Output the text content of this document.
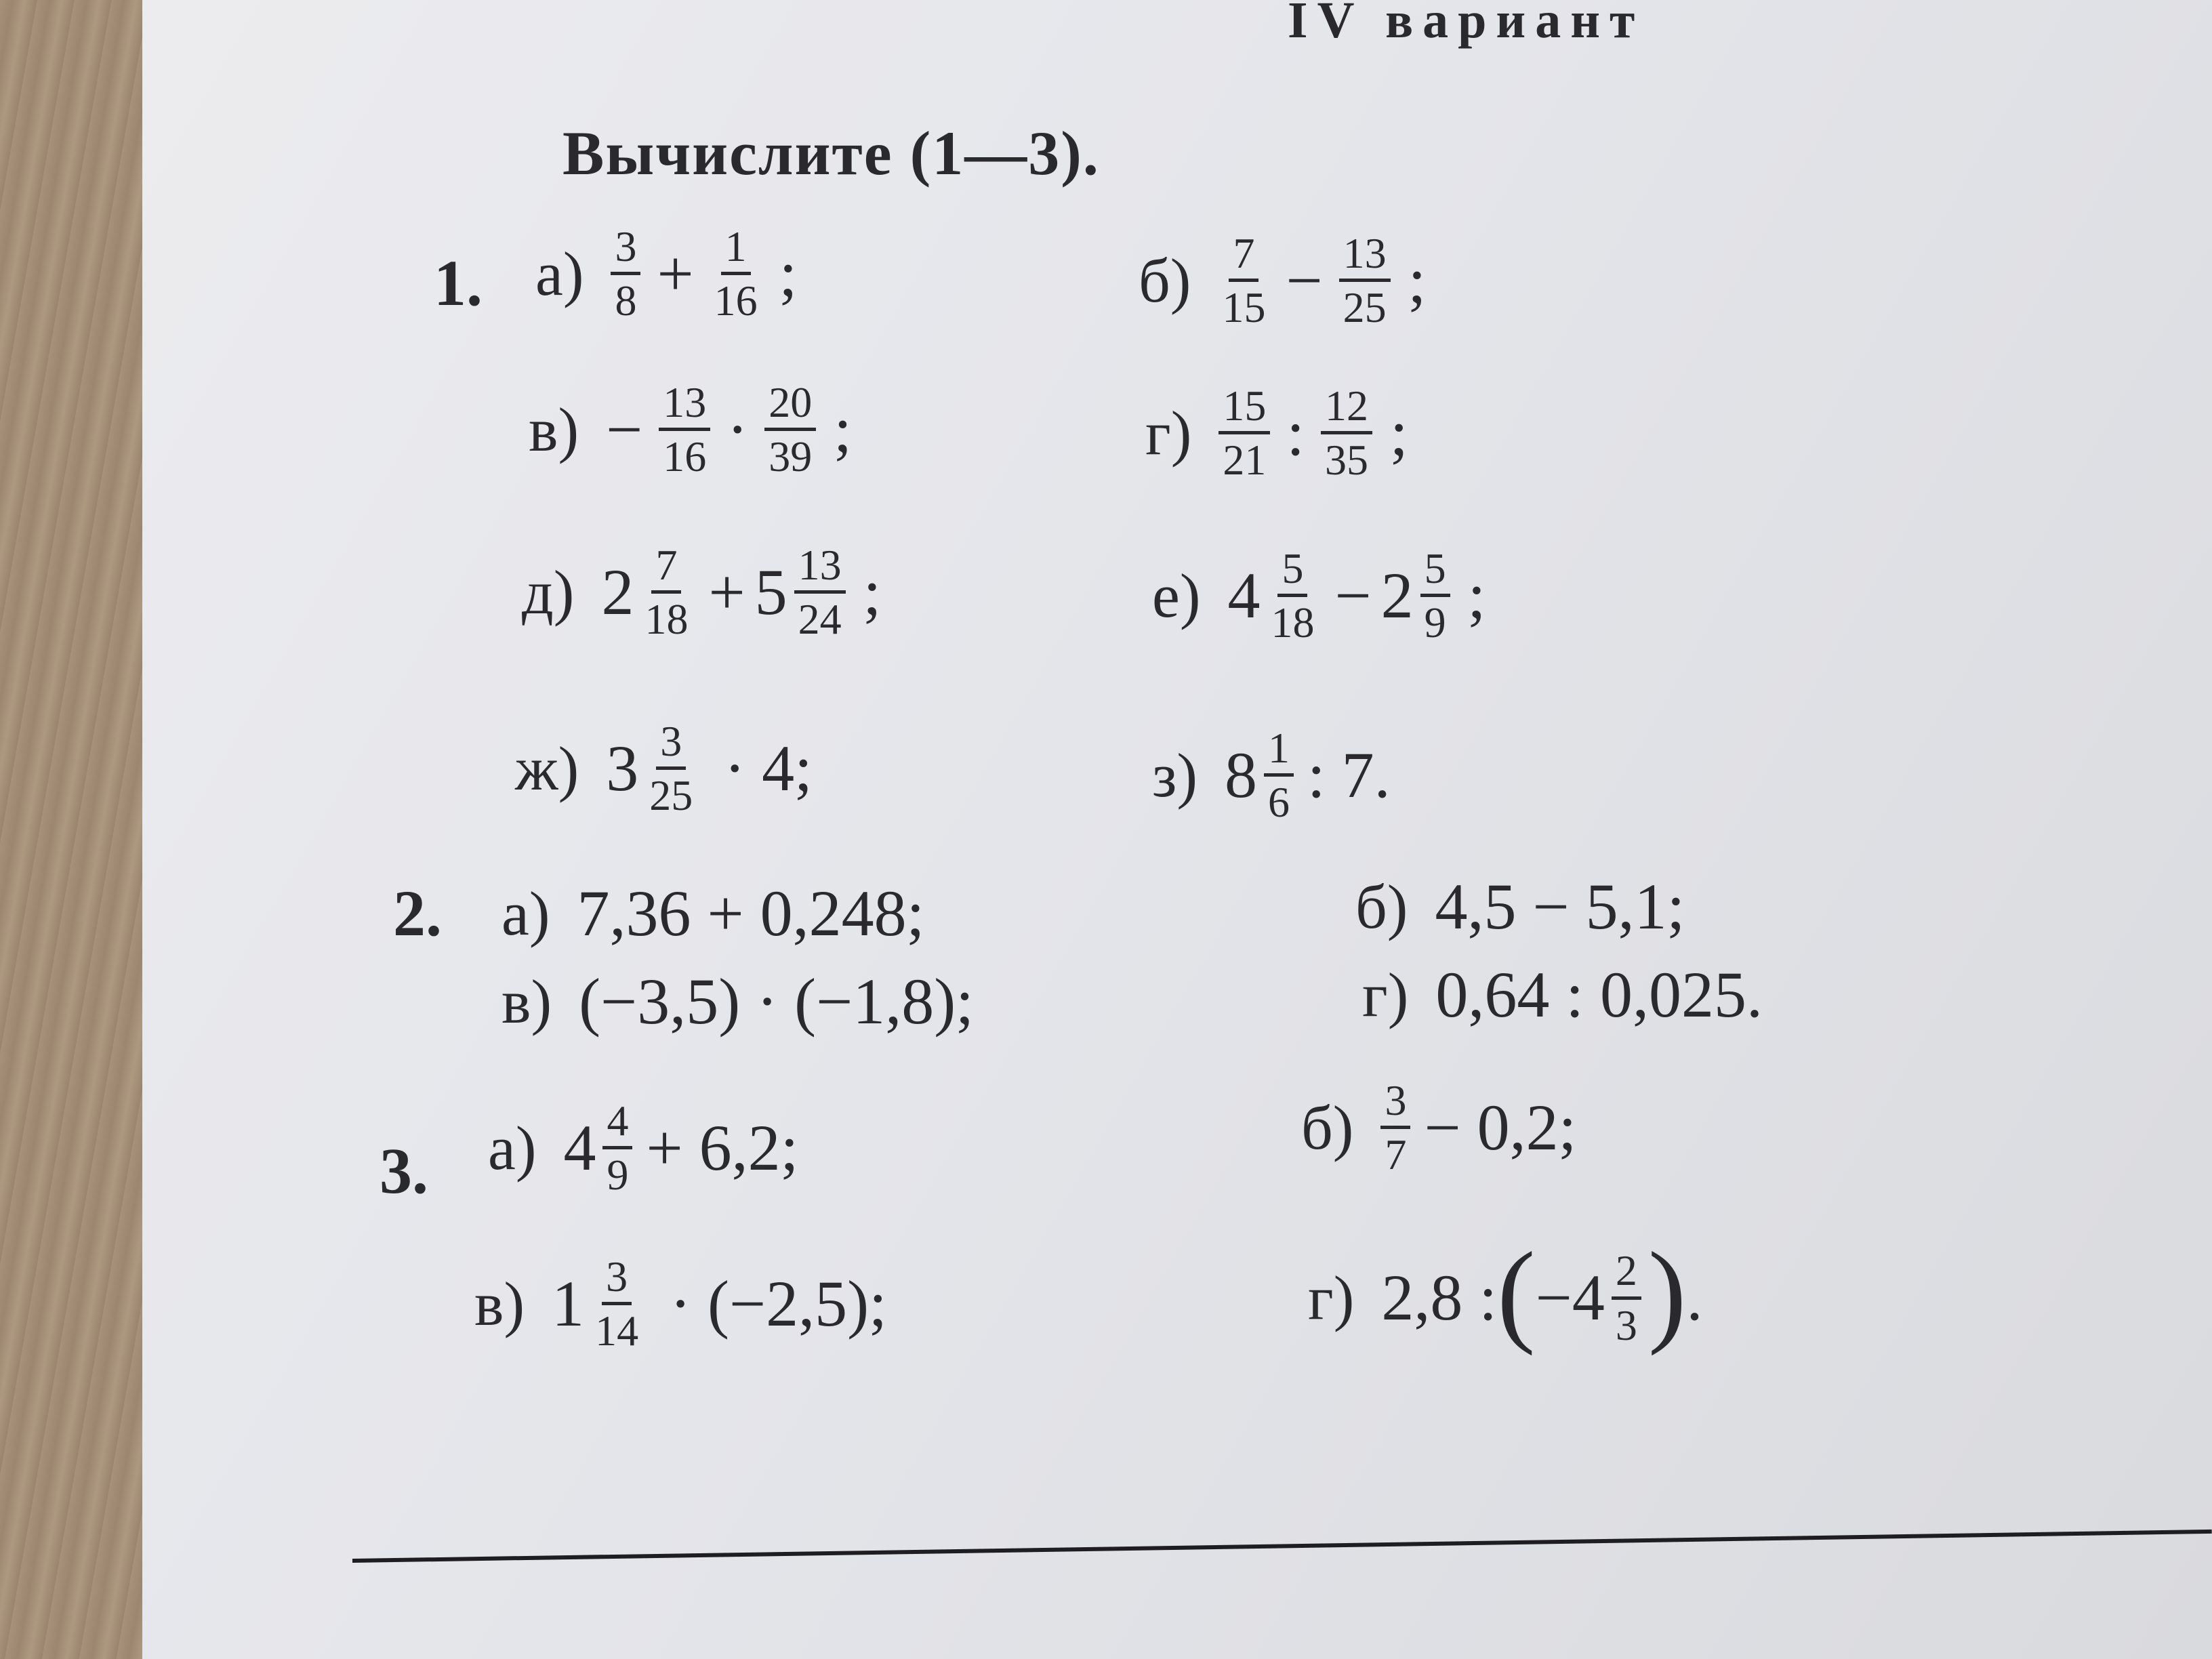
IV вариант
Вычислите (1—3).
1. $а) \frac{3}{8} + \frac{1}{16}$ ;	$б) \frac{7}{15} - \frac{13}{25}$ ;
$в) - \frac{13}{16} \cdot \frac{20}{39}$ ;	$г) \frac{15}{21}$ : $\frac{12}{35}$ ;
д) $2 \frac{7}{18} + 5 \frac{13}{24}$ ;	е) $4 \frac{5}{18} - 2 \frac{5}{9}$ ;
ж) $3 \frac{3}{25} \cdot 4$;	з) $8 \frac{1}{6}$ : 7.
2. а) 7,36 + 0,248;	б) 4,5 − 5,1;
в) (−3,5) · (−1,8);	г) 0,64 : 0,025.
3. а) $4 \frac{4}{9} + 6,2$;	$б) \frac{3}{7} - 0,2$;
в) $1 \frac{3}{14} \cdot (-2,5)$;	г) 2,8 : ( $-4 \frac{2}{3}$ ) .
